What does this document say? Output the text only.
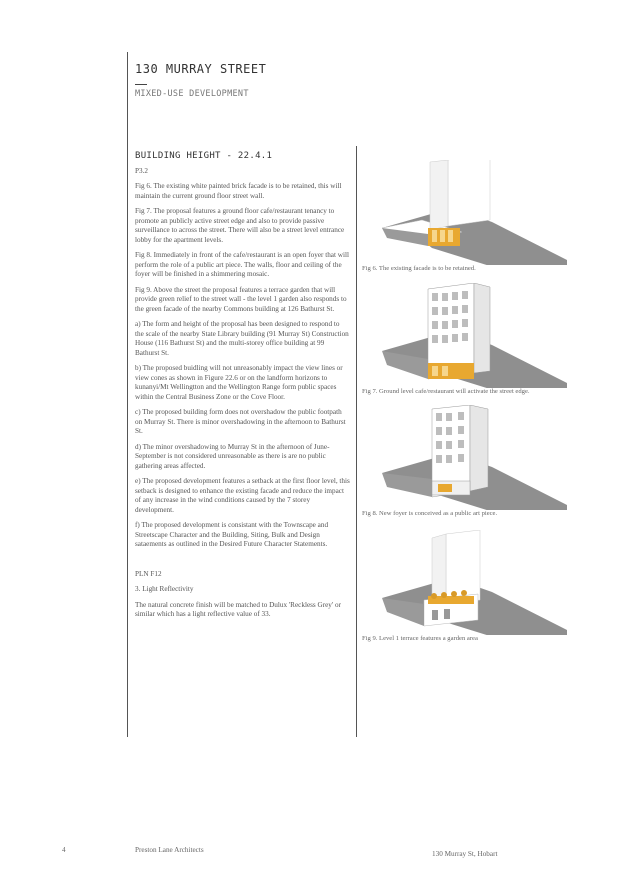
130 MURRAY STREET
MIXED-USE DEVELOPMENT
BUILDING HEIGHT - 22.4.1

P3.2

Fig 6. The existing white painted brick facade is to be retained, this will maintain the current ground floor street wall.

Fig 7. The proposal features a ground floor cafe/restaurant tenancy to promote an publicly active street edge and also to provide passive surveillance to across the street. There will also be a street level entrance lobby for the apartment levels.

Fig 8. Immediately in front of the cafe/restaurant is an open foyer that will perform the role of a public art piece. The walls, floor and ceiling of the foyer will be finished in a shimmering mosaic.

Fig 9. Above the street the proposal features a terrace garden that will provide green relief to the street wall - the level 1 garden also responds to the green facade of the nearby Commons building at 126 Bathurst St.

a) The form and height of the proposal has been designed to respond to the scale of the nearby State Library building (91 Murray St) Construction House (116 Bathurst St) and the multi-storey office building at 99 Bathurst St.

b) The proposed buidling will not unreasonably impact the view lines or view cones as shown in Figure 22.6 or on the landform horizons to kunanyi/Mt Wellingtton and the Wellington Range form public spaces within the Central Business Zone or the Cove Floor.

c) The proposed building form does not overshadow the public footpath on Murray St. There is minor overshadowing in the afternoon to Bathurst St.

d) The minor overshadowing to Murray St in the afternoon of June-September is not considered unreasonable as there is are no public gathering areas affected.

e) The proposed development features a setback at the first floor level, this setback is designed to enhance the existing facade and reduce the impact of any increase in the wind conditions caused by the 7 storey development.

f) The proposed development is consistant with the Townscape and Streetscape Character and the Building, Siting, Bulk and Design sataements as outlined in the Desired Future Character Statements.

PLN F12

3. Light Reflectivity

The natural concrete finish will be matched to Dulux 'Reckless Grey' or similar which has a light reflective value of 33.

Fig 6. The existing facade is to be retained.
Fig 7. Ground level cafe/restaurant will activate the street edge.
Fig 8. New foyer is conceived as a public art piece.
Fig 9. Level 1 terrace features a garden area
4	Preston Lane Architects	130 Murray St, Hobart
